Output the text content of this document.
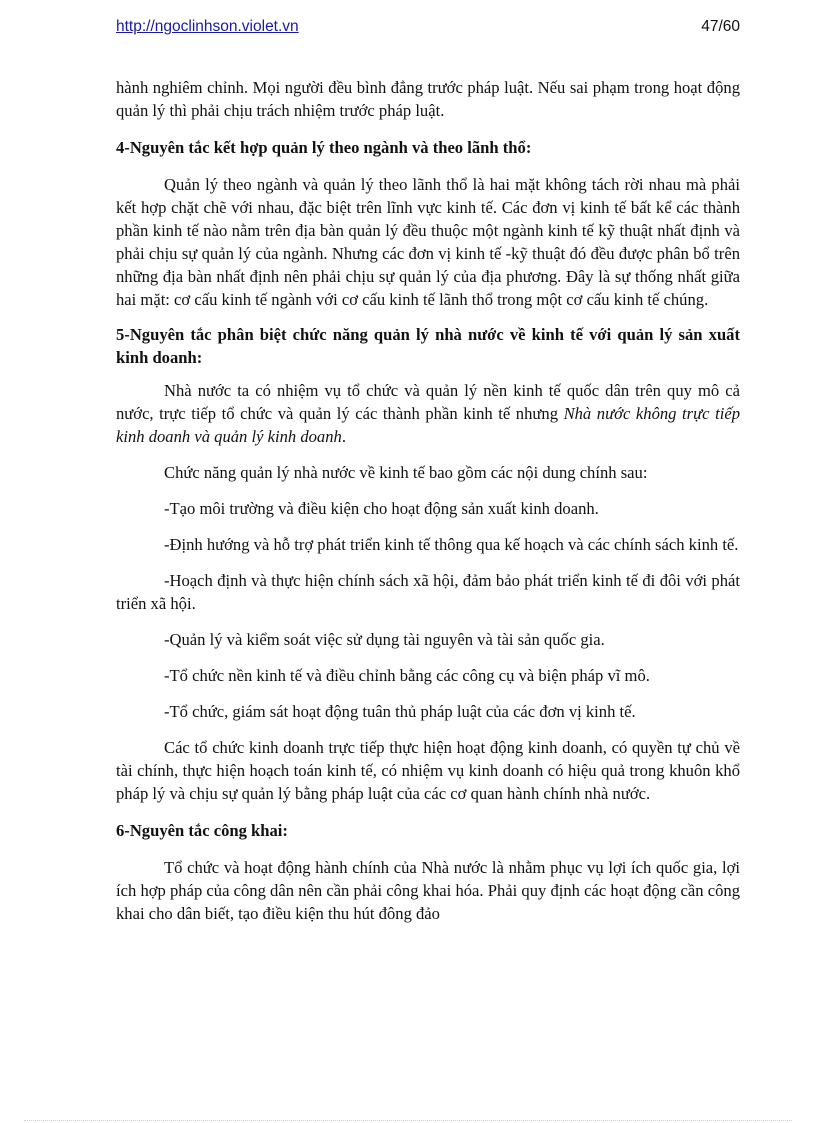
http://ngoclinhson.violet.vn	47/60

hành nghiêm chỉnh. Mọi người đều bình đẳng trước pháp luật. Nếu sai phạm trong hoạt động quản lý thì phải chịu trách nhiệm trước pháp luật.

4-Nguyên tắc kết hợp quản lý theo ngành và theo lãnh thổ:

Quản lý theo ngành và quản lý theo lãnh thổ là hai mặt không tách rời nhau mà phải kết hợp chặt chẽ với nhau, đặc biệt trên lĩnh vực kinh tế. Các đơn vị kinh tế bất kể các thành phần kinh tế nào nằm trên địa bàn quản lý đều thuộc một ngành kinh tế kỹ thuật nhất định và phải chịu sự quản lý của ngành. Nhưng các đơn vị kinh tế -kỹ thuật đó đều được phân bổ trên những địa bàn nhất định nên phải chịu sự quản lý của địa phương. Đây là sự thống nhất giữa hai mặt: cơ cấu kinh tế ngành với cơ cấu kinh tế lãnh thổ trong một cơ cấu kinh tế chúng.

5-Nguyên tắc phân biệt chức năng quản lý nhà nước về kinh tế với quản lý sản xuất kinh doanh:

Nhà nước ta có nhiệm vụ tổ chức và quản lý nền kinh tế quốc dân trên quy mô cả nước, trực tiếp tổ chức và quản lý các thành phần kinh tế nhưng Nhà nước không trực tiếp kinh doanh và quản lý kinh doanh.

Chức năng quản lý nhà nước về kinh tế bao gồm các nội dung chính sau:

-Tạo môi trường và điều kiện cho hoạt động sản xuất kinh doanh.

-Định hướng và hỗ trợ phát triển kinh tế thông qua kế hoạch và các chính sách kinh tế.

-Hoạch định và thực hiện chính sách xã hội, đảm bảo phát triển kinh tế đi đôi với phát triển xã hội.

-Quản lý và kiểm soát việc sử dụng tài nguyên và tài sản quốc gia.

-Tổ chức nền kinh tế và điều chỉnh bằng các công cụ và biện pháp vĩ mô.

-Tổ chức, giám sát hoạt động tuân thủ pháp luật của các đơn vị kinh tế.

Các tổ chức kinh doanh trực tiếp thực hiện hoạt động kinh doanh, có quyền tự chủ về tài chính, thực hiện hoạch toán kinh tế, có nhiệm vụ kinh doanh có hiệu quả trong khuôn khổ pháp lý và chịu sự quản lý bằng pháp luật của các cơ quan hành chính nhà nước.

6-Nguyên tắc công khai:

Tổ chức và hoạt động hành chính của Nhà nước là nhằm phục vụ lợi ích quốc gia, lợi ích hợp pháp của công dân nên cần phải công khai hóa. Phải quy định các hoạt động cần công khai cho dân biết, tạo điều kiện thu hút đông đảo
